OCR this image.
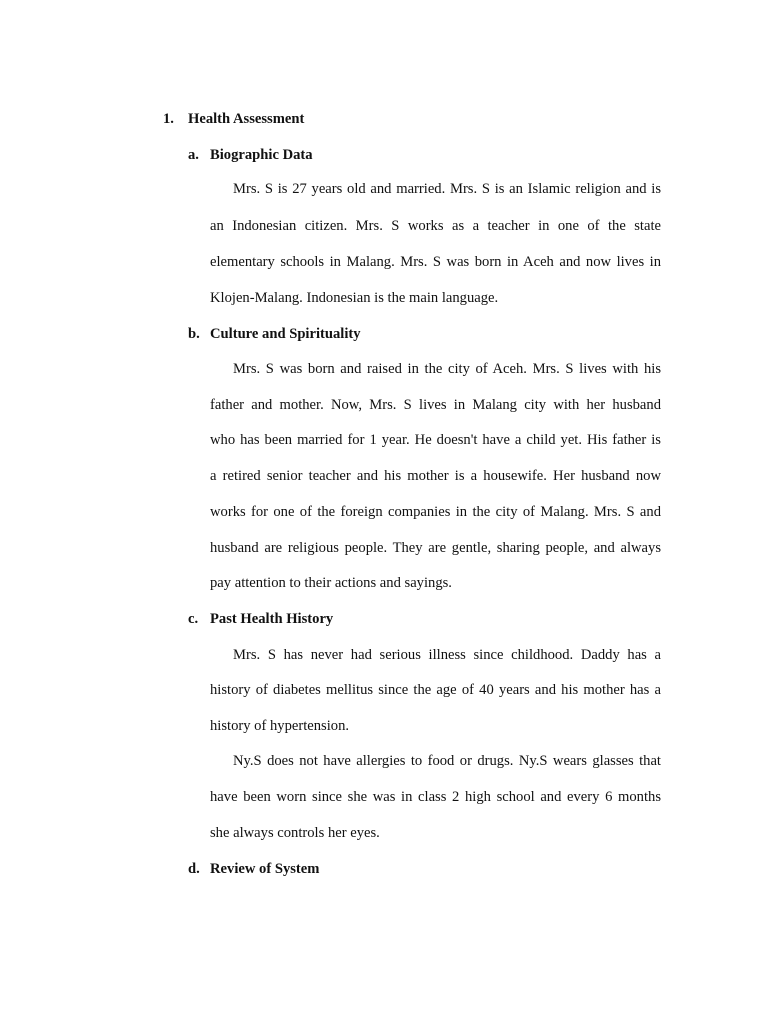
1. Health Assessment
a. Biographic Data
Mrs. S is 27 years old and married. Mrs. S is an Islamic religion and is
an Indonesian citizen. Mrs. S works as a teacher in one of the state
elementary schools in Malang. Mrs. S was born in Aceh and now lives in
Klojen-Malang. Indonesian is the main language.
b. Culture and Spirituality
Mrs. S was born and raised in the city of Aceh. Mrs. S lives with his
father and mother. Now, Mrs. S lives in Malang city with her husband
who has been married for 1 year. He doesn't have a child yet. His father is
a retired senior teacher and his mother is a housewife. Her husband now
works for one of the foreign companies in the city of Malang. Mrs. S and
husband are religious people. They are gentle, sharing people, and always
pay attention to their actions and sayings.
c. Past Health History
Mrs. S has never had serious illness since childhood. Daddy has a
history of diabetes mellitus since the age of 40 years and his mother has a
history of hypertension.
Ny.S does not have allergies to food or drugs. Ny.S wears glasses that
have been worn since she was in class 2 high school and every 6 months
she always controls her eyes.
d. Review of System
